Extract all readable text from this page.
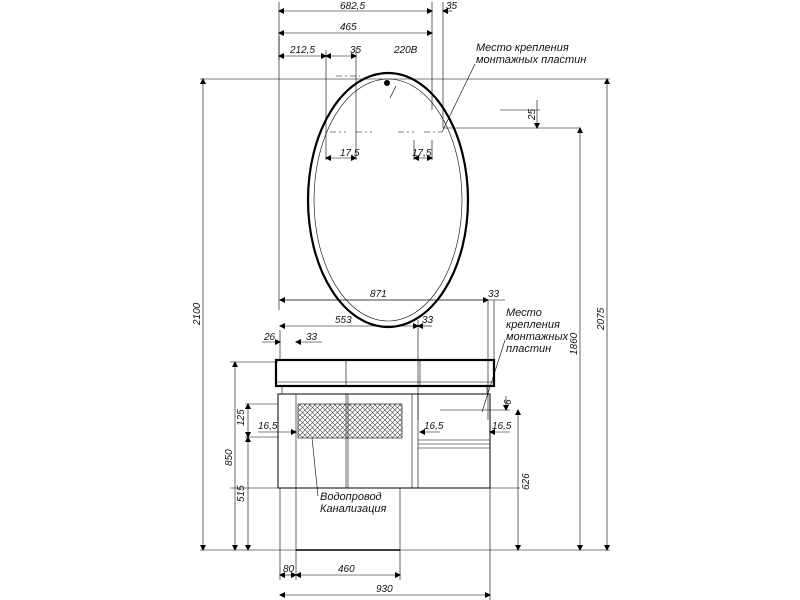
682,5	35
465
212,5	35	220B
17,5	17,5
25
2100	2075
1860
871	33
553	33
26	33
125
16,5	16,5	16,5
6
850
515
626
80	460
930
Место крепления
монтажных пластин
Место
крепления
монтажных
пластин
Водопровод
Канализация
